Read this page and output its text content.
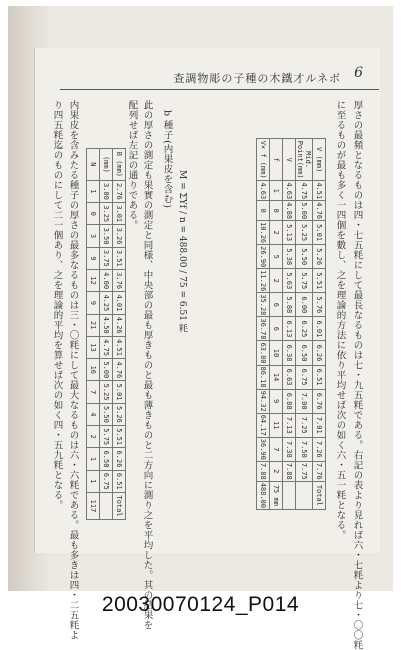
6
查調物彫の子種の木鐵才ルネボ
厚さの最頻となるものは四・七五粍にして最長なるものは七・九五粍である。右記の表より見れば六・七粍より七・〇〇粍
に至るものが最も多く一四個を數し、之を理論的方法に依り平均せば次の如く六・五一粍となる。
V (mm)	4.51	4.76	5.01	5.26	5.51	5.76	6.01	6.26	6.51	6.76	7.01	7.26	7.76	Total
Mid. Point(mm)	4.75	5.00	5.25	5.50	5.75	6.00	6.25	6.50	6.75	7.00	7.25	7.50	7.75	
V	4.63	4.88	5.13	5.38	5.63	5.88	6.13	6.38	6.63	6.88	7.13	7.38	7.88	
f	1	0	2	5	2	6	6	10	14	9	11	7	2	75 mm
V× f (mm)	4.63	0	10.26	26.90	11.26	35.28	36.78	63.80	86.18	94.32	64.17	36.90	7.88	488.00
M = ΣYf / n = 488.00 / 75 = 6.51 粍
b 種子(内果皮を含む)
此の厚さの測定も果實の測定と同様、中央部の最も厚きものと最も薄きものと二方向に測り之を平均した。其の結果を
配列せば左記の通りである。
B (mm)	2.76	3.01	3.26	3.51	3.76	4.01	4.26	4.51	4.76	5.01	5.26	5.51	6.26	6.51	Total
(mm)	3.00	3.25	3.50	3.75	4.00	4.25	4.50	4.75	5.00	5.25	5.50	5.75	6.50	6.75	
N	1	0	3	9	12	9	21	13	16	7	4	2	1	1	117
内果皮を含みたる種子の厚さの最多なるものは三・〇粍にして最大なるものは六・六粍である。最も多きは四・二五粍よ
り四五粍迄のものにして二一個あり、之を理論的平均を算せば次の如く四・五九粍となる。
20030070124_P014
